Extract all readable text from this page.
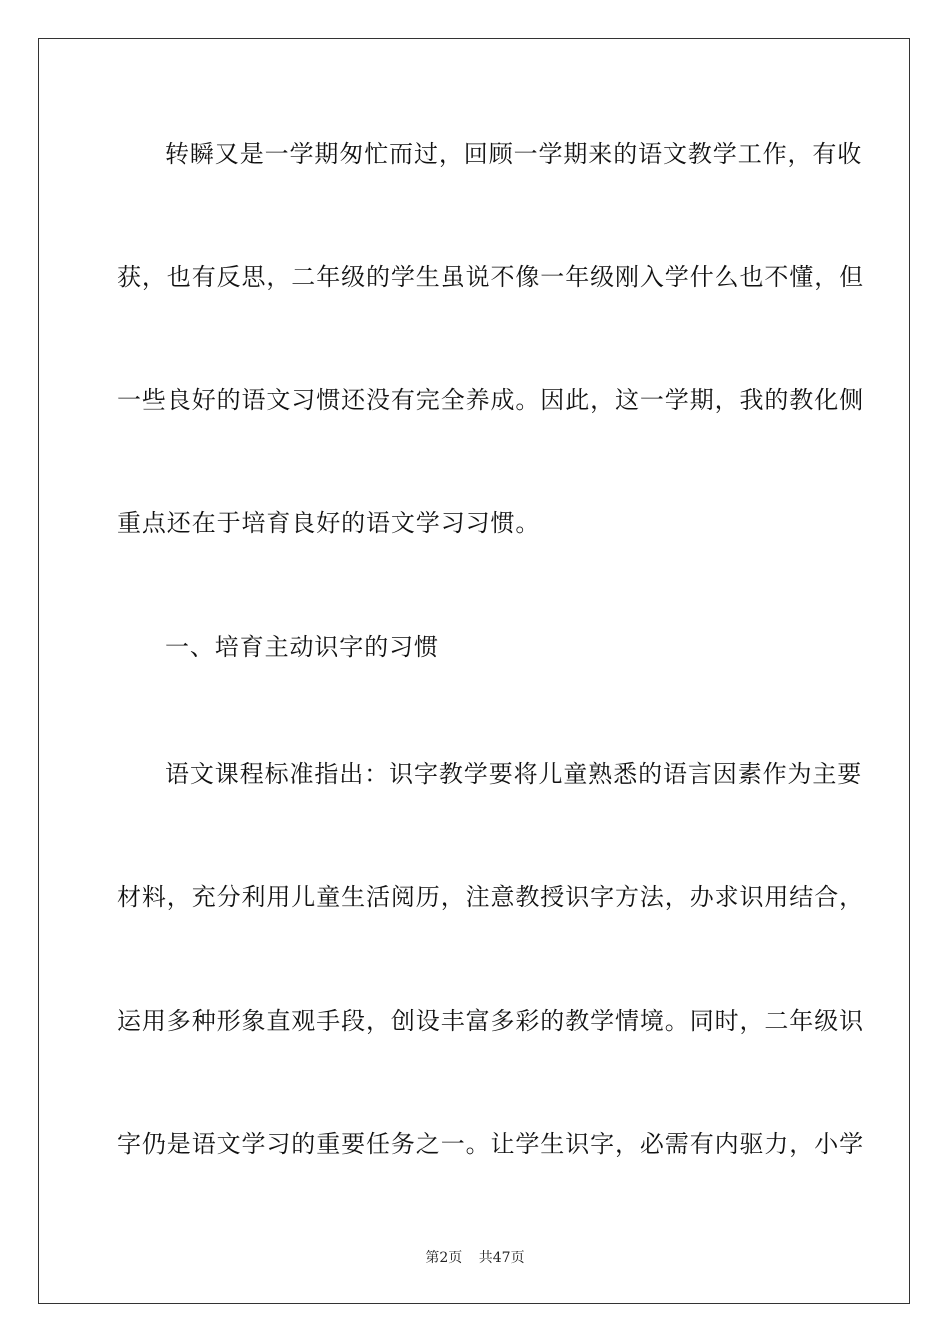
转瞬又是一学期匆忙而过，回顾一学期来的语文教学工作，有收
获，也有反思，二年级的学生虽说不像一年级刚入学什么也不懂，但
一些良好的语文习惯还没有完全养成。因此，这一学期，我的教化侧
重点还在于培育良好的语文学习习惯。
一、培育主动识字的习惯
语文课程标准指出：识字教学要将儿童熟悉的语言因素作为主要
材料，充分利用儿童生活阅历，注意教授识字方法，办求识用结合，
运用多种形象直观手段，创设丰富多彩的教学情境。同时，二年级识
字仍是语文学习的重要任务之一。让学生识字，必需有内驱力，小学
第2页 共47页
